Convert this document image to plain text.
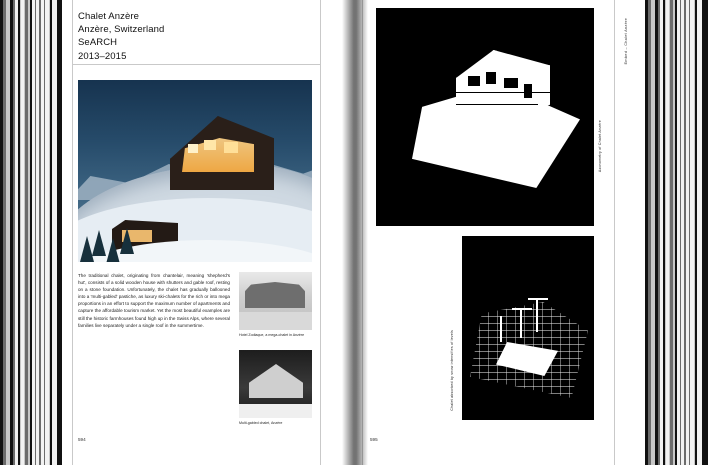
Chalet Anzère
Anzère, Switzerland
SeARCH
2013–2015
The traditional chalet, originating from chantelair, meaning 'shepherd's hut', consists of a solid wooden house with shutters and gable roof, resting on a stone foundation. Unfortunately, the chalet has gradually ballooned into a 'multi-gabled' pastiche, as luxury ski-chalets for the rich or into mega proportions in an effort to support the maximum number of apartments and capture the affordable tourism market. Yet the most beautiful examples are still the historic farmhouses found high up in the Swiss Alps, where several families live separately under a single roof in the summertime.
Hotel Zodiaque, a mega-chalet in Anzère
Multi-gabled chalet, Anzère
594
Axonometry of Chalet Anzère
Chalet absorbed by snow intensifies of levels
Embed – Chalet Anzère
595
